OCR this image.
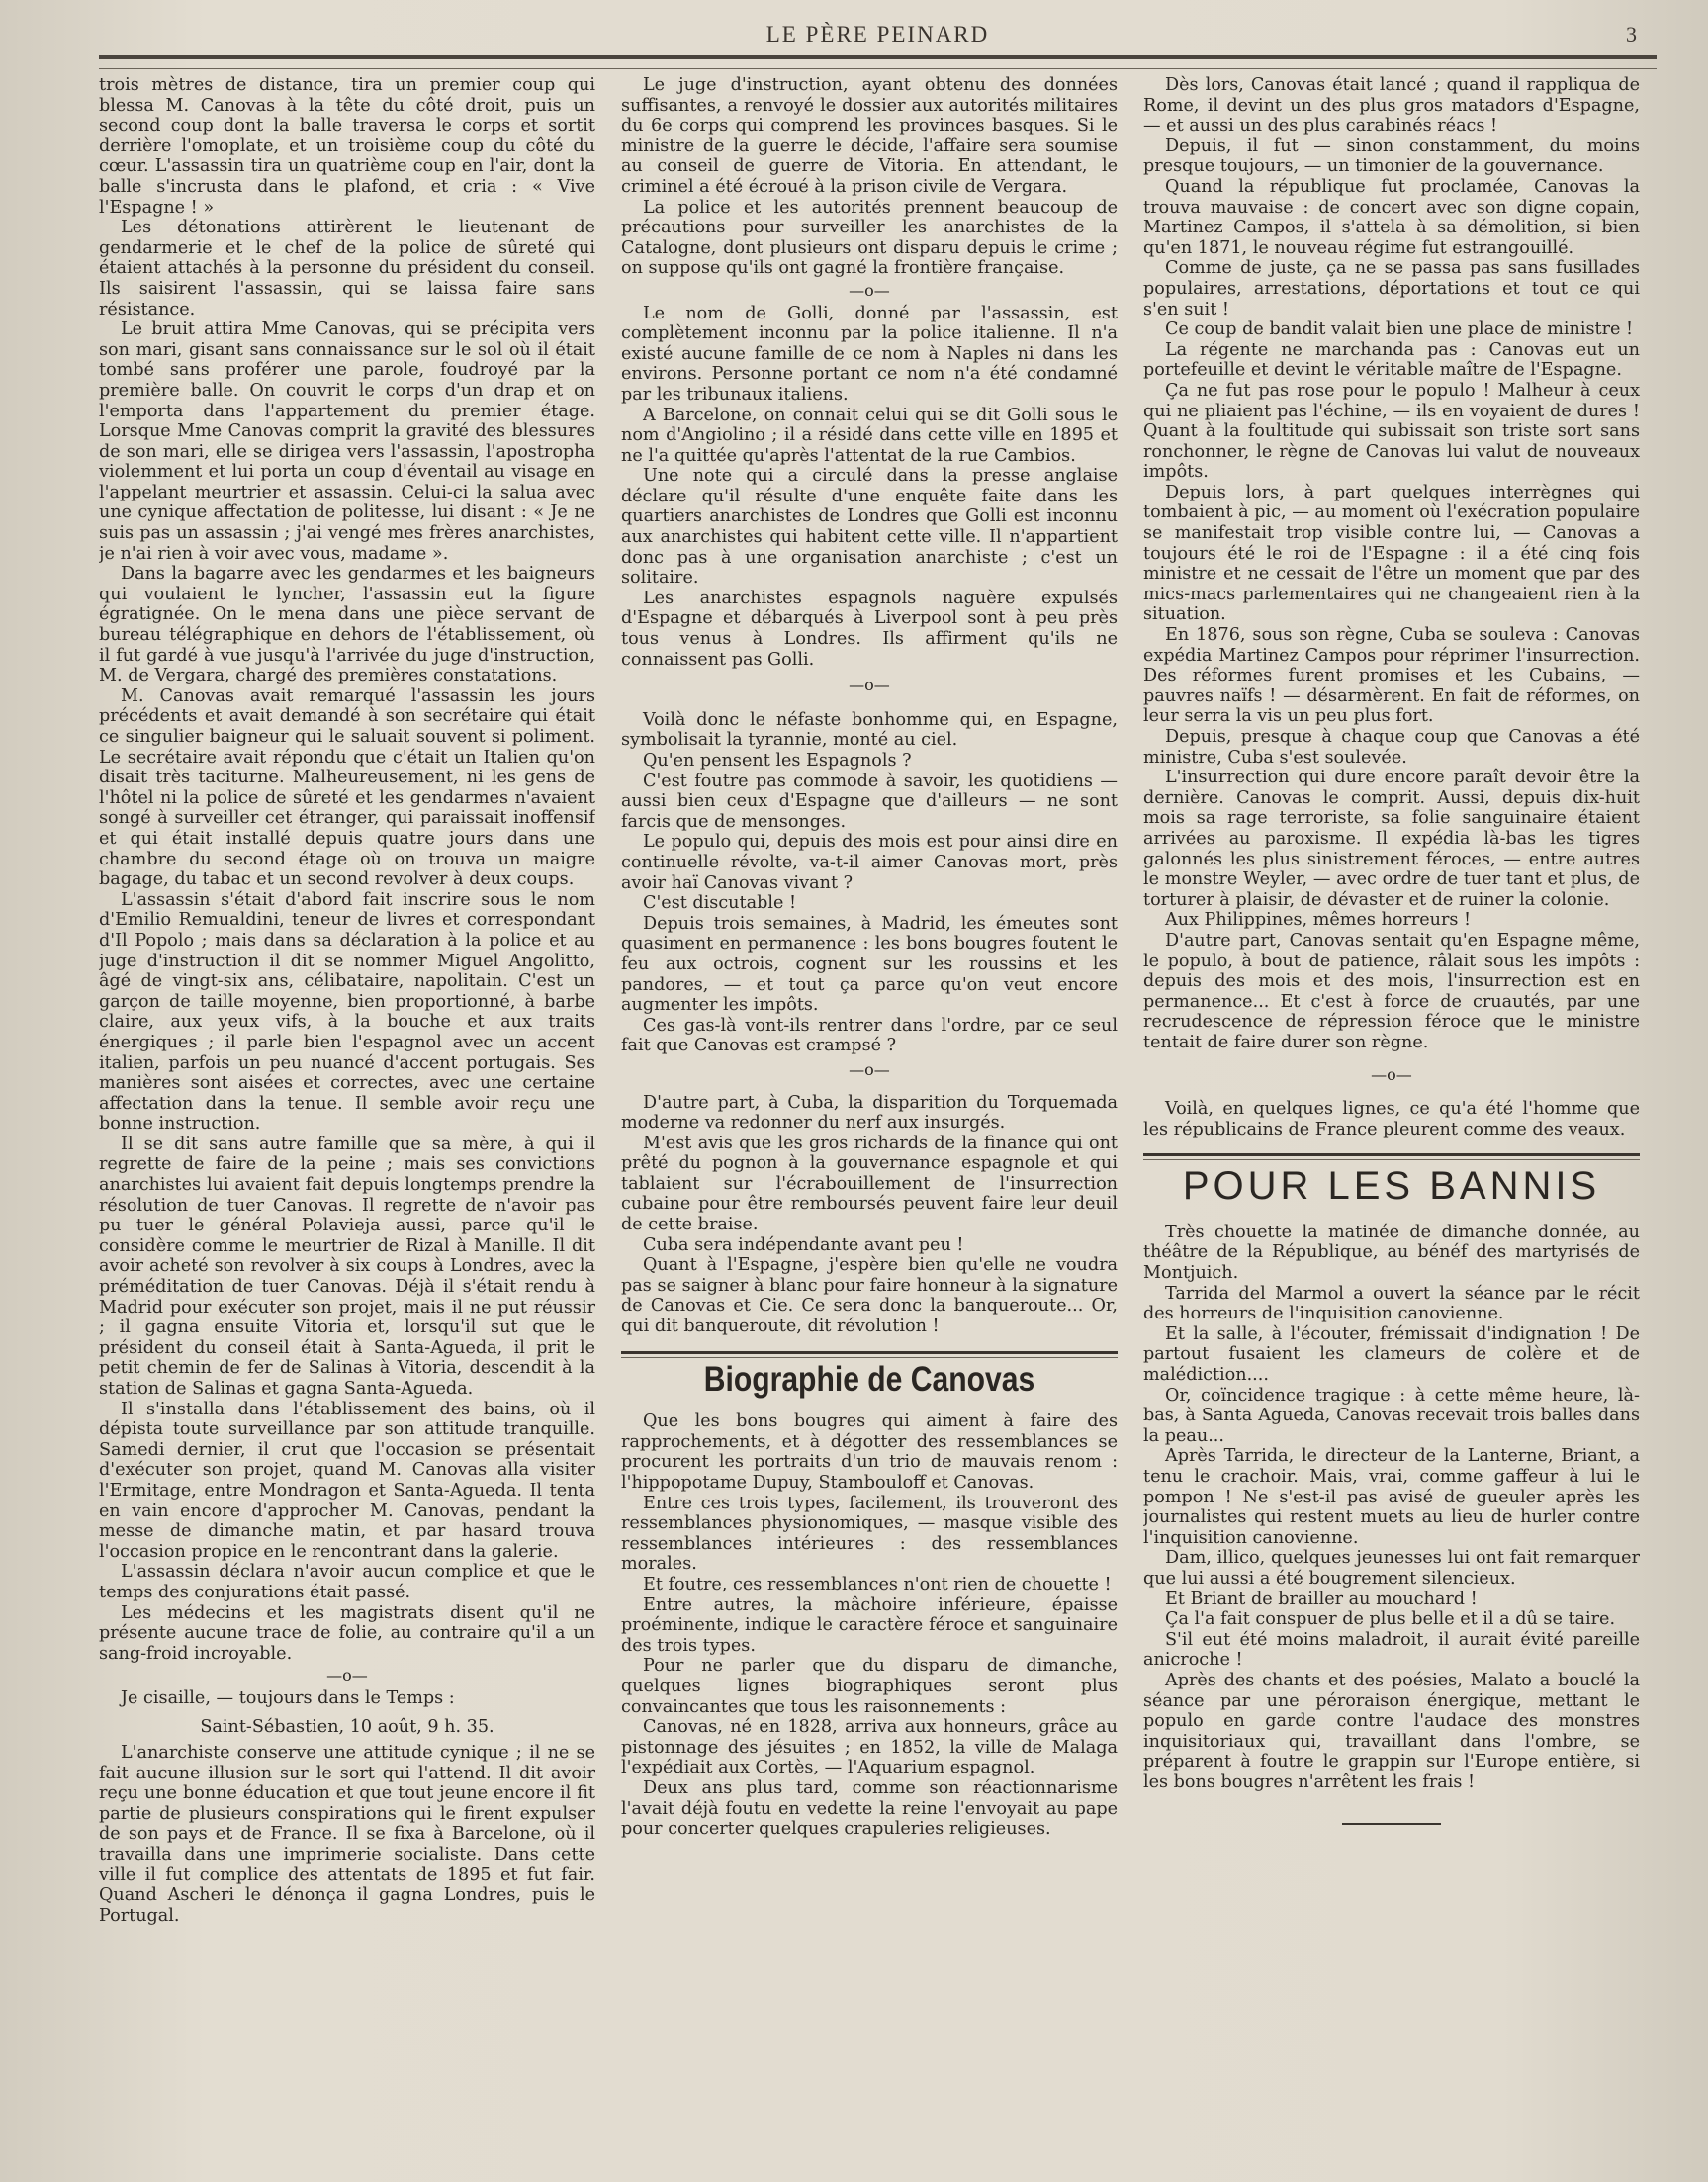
LE PÈRE PEINARD	3

trois mètres de distance, tira un premier coup qui blessa M. Canovas à la tête du côté droit, puis un second coup dont la balle traversa le corps et sortit derrière l'omoplate, et un troisième coup du côté du cœur. L'assassin tira un quatrième coup en l'air, dont la balle s'incrusta dans le plafond, et cria : « Vive l'Espagne ! »

Les détonations attirèrent le lieutenant de gendarmerie et le chef de la police de sûreté qui étaient attachés à la personne du président du conseil. Ils saisirent l'assassin, qui se laissa faire sans résistance.

Le bruit attira Mme Canovas, qui se précipita vers son mari, gisant sans connaissance sur le sol où il était tombé sans proférer une parole, foudroyé par la première balle. On couvrit le corps d'un drap et on l'emporta dans l'appartement du premier étage. Lorsque Mme Canovas comprit la gravité des blessures de son mari, elle se dirigea vers l'assassin, l'apostropha violemment et lui porta un coup d'éventail au visage en l'appelant meurtrier et assassin. Celui-ci la salua avec une cynique affectation de politesse, lui disant : « Je ne suis pas un assassin ; j'ai vengé mes frères anarchistes, je n'ai rien à voir avec vous, madame ».

Dans la bagarre avec les gendarmes et les baigneurs qui voulaient le lyncher, l'assassin eut la figure égratignée. On le mena dans une pièce servant de bureau télégraphique en dehors de l'établissement, où il fut gardé à vue jusqu'à l'arrivée du juge d'instruction, M. de Vergara, chargé des premières constatations.

M. Canovas avait remarqué l'assassin les jours précédents et avait demandé à son secrétaire qui était ce singulier baigneur qui le saluait souvent si poliment. Le secrétaire avait répondu que c'était un Italien qu'on disait très taciturne. Malheureusement, ni les gens de l'hôtel ni la police de sûreté et les gendarmes n'avaient songé à surveiller cet étranger, qui paraissait inoffensif et qui était installé depuis quatre jours dans une chambre du second étage où on trouva un maigre bagage, du tabac et un second revolver à deux coups.

L'assassin s'était d'abord fait inscrire sous le nom d'Emilio Remualdini, teneur de livres et correspondant d'Il Popolo ; mais dans sa déclaration à la police et au juge d'instruction il dit se nommer Miguel Angolitto, âgé de vingt-six ans, célibataire, napolitain. C'est un garçon de taille moyenne, bien proportionné, à barbe claire, aux yeux vifs, à la bouche et aux traits énergiques ; il parle bien l'espagnol avec un accent italien, parfois un peu nuancé d'accent portugais. Ses manières sont aisées et correctes, avec une certaine affectation dans la tenue. Il semble avoir reçu une bonne instruction.

Il se dit sans autre famille que sa mère, à qui il regrette de faire de la peine ; mais ses convictions anarchistes lui avaient fait depuis longtemps prendre la résolution de tuer Canovas. Il regrette de n'avoir pas pu tuer le général Polavieja aussi, parce qu'il le considère comme le meurtrier de Rizal à Manille. Il dit avoir acheté son revolver à six coups à Londres, avec la préméditation de tuer Canovas. Déjà il s'était rendu à Madrid pour exécuter son projet, mais il ne put réussir ; il gagna ensuite Vitoria et, lorsqu'il sut que le président du conseil était à Santa-Agueda, il prit le petit chemin de fer de Salinas à Vitoria, descendit à la station de Salinas et gagna Santa-Agueda.

Il s'installa dans l'établissement des bains, où il dépista toute surveillance par son attitude tranquille. Samedi dernier, il crut que l'occasion se présentait d'exécuter son projet, quand M. Canovas alla visiter l'Ermitage, entre Mondragon et Santa-Agueda. Il tenta en vain encore d'approcher M. Canovas, pendant la messe de dimanche matin, et par hasard trouva l'occasion propice en le rencontrant dans la galerie.

L'assassin déclara n'avoir aucun complice et que le temps des conjurations était passé.

Les médecins et les magistrats disent qu'il ne présente aucune trace de folie, au contraire qu'il a un sang-froid incroyable.

—o—

Je cisaille, — toujours dans le Temps :

Saint-Sébastien, 10 août, 9 h. 35.

L'anarchiste conserve une attitude cynique ; il ne se fait aucune illusion sur le sort qui l'attend. Il dit avoir reçu une bonne éducation et que tout jeune encore il fit partie de plusieurs conspirations qui le firent expulser de son pays et de France. Il se fixa à Barcelone, où il travailla dans une imprimerie socialiste. Dans cette ville il fut complice des attentats de 1895 et fut fair. Quand Ascheri le dénonça il gagna Londres, puis le Portugal.

Le juge d'instruction, ayant obtenu des données suffisantes, a renvoyé le dossier aux autorités militaires du 6e corps qui comprend les provinces basques. Si le ministre de la guerre le décide, l'affaire sera soumise au conseil de guerre de Vitoria. En attendant, le criminel a été écroué à la prison civile de Vergara.

La police et les autorités prennent beaucoup de précautions pour surveiller les anarchistes de la Catalogne, dont plusieurs ont disparu depuis le crime ; on suppose qu'ils ont gagné la frontière française.

—o—

Le nom de Golli, donné par l'assassin, est complètement inconnu par la police italienne. Il n'a existé aucune famille de ce nom à Naples ni dans les environs. Personne portant ce nom n'a été condamné par les tribunaux italiens.

A Barcelone, on connait celui qui se dit Golli sous le nom d'Angiolino ; il a résidé dans cette ville en 1895 et ne l'a quittée qu'après l'attentat de la rue Cambios.

Une note qui a circulé dans la presse anglaise déclare qu'il résulte d'une enquête faite dans les quartiers anarchistes de Londres que Golli est inconnu aux anarchistes qui habitent cette ville. Il n'appartient donc pas à une organisation anarchiste ; c'est un solitaire.

Les anarchistes espagnols naguère expulsés d'Espagne et débarqués à Liverpool sont à peu près tous venus à Londres. Ils affirment qu'ils ne connaissent pas Golli.

—o—

Voilà donc le néfaste bonhomme qui, en Espagne, symbolisait la tyrannie, monté au ciel.

Qu'en pensent les Espagnols ?

C'est foutre pas commode à savoir, les quotidiens — aussi bien ceux d'Espagne que d'ailleurs — ne sont farcis que de mensonges.

Le populo qui, depuis des mois est pour ainsi dire en continuelle révolte, va-t-il aimer Canovas mort, près avoir haï Canovas vivant ?

C'est discutable !

Depuis trois semaines, à Madrid, les émeutes sont quasiment en permanence : les bons bougres foutent le feu aux octrois, cognent sur les roussins et les pandores, — et tout ça parce qu'on veut encore augmenter les impôts.

Ces gas-là vont-ils rentrer dans l'ordre, par ce seul fait que Canovas est crampsé ?

—o—

D'autre part, à Cuba, la disparition du Torquemada moderne va redonner du nerf aux insurgés.

M'est avis que les gros richards de la finance qui ont prêté du pognon à la gouvernance espagnole et qui tablaient sur l'écrabouillement de l'insurrection cubaine pour être remboursés peuvent faire leur deuil de cette braise.

Cuba sera indépendante avant peu !

Quant à l'Espagne, j'espère bien qu'elle ne voudra pas se saigner à blanc pour faire honneur à la signature de Canovas et Cie. Ce sera donc la banqueroute... Or, qui dit banqueroute, dit révolution !

Biographie de Canovas

Que les bons bougres qui aiment à faire des rapprochements, et à dégotter des ressemblances se procurent les portraits d'un trio de mauvais renom : l'hippopotame Dupuy, Stambouloff et Canovas.

Entre ces trois types, facilement, ils trouveront des ressemblances physionomiques, — masque visible des ressemblances intérieures : des ressemblances morales.

Et foutre, ces ressemblances n'ont rien de chouette !

Entre autres, la mâchoire inférieure, épaisse proéminente, indique le caractère féroce et sanguinaire des trois types.

Pour ne parler que du disparu de dimanche, quelques lignes biographiques seront plus convaincantes que tous les raisonnements :

Canovas, né en 1828, arriva aux honneurs, grâce au pistonnage des jésuites ; en 1852, la ville de Malaga l'expédiait aux Cortès, — l'Aquarium espagnol.

Deux ans plus tard, comme son réactionnarisme l'avait déjà foutu en vedette la reine l'envoyait au pape pour concerter quelques crapuleries religieuses.

Dès lors, Canovas était lancé ; quand il rappliqua de Rome, il devint un des plus gros matadors d'Espagne, — et aussi un des plus carabinés réacs !

Depuis, il fut — sinon constamment, du moins presque toujours, — un timonier de la gouvernance.

Quand la république fut proclamée, Canovas la trouva mauvaise : de concert avec son digne copain, Martinez Campos, il s'attela à sa démolition, si bien qu'en 1871, le nouveau régime fut estrangouillé.

Comme de juste, ça ne se passa pas sans fusillades populaires, arrestations, déportations et tout ce qui s'en suit !

Ce coup de bandit valait bien une place de ministre !

La régente ne marchanda pas : Canovas eut un portefeuille et devint le véritable maître de l'Espagne.

Ça ne fut pas rose pour le populo ! Malheur à ceux qui ne pliaient pas l'échine, — ils en voyaient de dures ! Quant à la foultitude qui subissait son triste sort sans ronchonner, le règne de Canovas lui valut de nouveaux impôts.

Depuis lors, à part quelques interrègnes qui tombaient à pic, — au moment où l'exécration populaire se manifestait trop visible contre lui, — Canovas a toujours été le roi de l'Espagne : il a été cinq fois ministre et ne cessait de l'être un moment que par des mics-macs parlementaires qui ne changeaient rien à la situation.

En 1876, sous son règne, Cuba se souleva : Canovas expédia Martinez Campos pour réprimer l'insurrection. Des réformes furent promises et les Cubains, — pauvres naïfs ! — désarmèrent. En fait de réformes, on leur serra la vis un peu plus fort.

Depuis, presque à chaque coup que Canovas a été ministre, Cuba s'est soulevée.

L'insurrection qui dure encore paraît devoir être la dernière. Canovas le comprit. Aussi, depuis dix-huit mois sa rage terroriste, sa folie sanguinaire étaient arrivées au paroxisme. Il expédia là-bas les tigres galonnés les plus sinistrement féroces, — entre autres le monstre Weyler, — avec ordre de tuer tant et plus, de torturer à plaisir, de dévaster et de ruiner la colonie.

Aux Philippines, mêmes horreurs !

D'autre part, Canovas sentait qu'en Espagne même, le populo, à bout de patience, râlait sous les impôts : depuis des mois et des mois, l'insurrection est en permanence... Et c'est à force de cruautés, par une recrudescence de répression féroce que le ministre tentait de faire durer son règne.

—o—

Voilà, en quelques lignes, ce qu'a été l'homme que les républicains de France pleurent comme des veaux.

POUR LES BANNIS

Très chouette la matinée de dimanche donnée, au théâtre de la République, au bénéf des martyrisés de Montjuich.

Tarrida del Marmol a ouvert la séance par le récit des horreurs de l'inquisition canovienne.

Et la salle, à l'écouter, frémissait d'indignation ! De partout fusaient les clameurs de colère et de malédiction....

Or, coïncidence tragique : à cette même heure, là-bas, à Santa Agueda, Canovas recevait trois balles dans la peau...

Après Tarrida, le directeur de la Lanterne, Briant, a tenu le crachoir. Mais, vrai, comme gaffeur à lui le pompon ! Ne s'est-il pas avisé de gueuler après les journalistes qui restent muets au lieu de hurler contre l'inquisition canovienne.

Dam, illico, quelques jeunesses lui ont fait remarquer que lui aussi a été bougrement silencieux.

Et Briant de brailler au mouchard !

Ça l'a fait conspuer de plus belle et il a dû se taire.

S'il eut été moins maladroit, il aurait évité pareille anicroche !

Après des chants et des poésies, Malato a bouclé la séance par une péroraison énergique, mettant le populo en garde contre l'audace des monstres inquisitoriaux qui, travaillant dans l'ombre, se préparent à foutre le grappin sur l'Europe entière, si les bons bougres n'arrêtent les frais !
